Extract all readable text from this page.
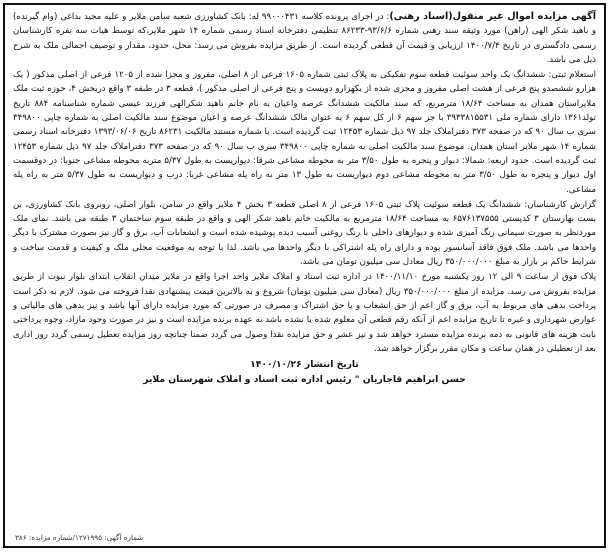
آگهی مزایده اموال غیر منقول(اسناد رهنی): در اجرای پرونده کلاسه ۹۹۰۰۰۴۳۱ له: بانک کشاورزی شعبه سامن ملایر و علیه مجید بداغی (وام گیرنده) و ناهید شکر الهی (راهن) مورد وثیقه سند رهنی شماره ۹۳/۶/۶-۸۶۲۳۳ تنظیمی دفترخانه اسناد رسمی شماره ۱۴ شهر ملایر،که توسط هیات سه نفره کارشناسان رسمی دادگستری در تاریخ ۱۴۰۰/۷/۴ ارزیابی و قیمت آن قطعی گردیده است. از طریق مزایده بفروش می رسد: محل، حدود، مقدار و توصیف اجمالی ملک به شرح ذیل می باشد.

استعلام ثبتی: ششدانگ یک واحد سوئیت قطعه سوم تفکیکی به پلاک ثبتی شماره ۱۶۰۵ فرعی از ۸ اصلی، مفروز و مجزا شده از ۱۲۰۵ فرعی از اصلی مذکور ( یک هزارو ششصدو پنج فرعی از هشت اصلی مفروز و مجزی شده از یکهزارو دویست و پنج فرعی از اصلی مذکور )، قطعه ۳ در طبقه ۳ واقع دربخش ۴، حوزه ثبت ملک ملایراستان همدان به مساحت ۱۸/۶۴ مترمربع، که سند مالکیت ششدانگ عرصه واعیان به نام خانم ناهید شکرالهی فرزند عیسی شماره شناسنامه ۸۸۴ تاریخ تولد۱۳۶۱ دارای شماره ملی ۳۹۳۳۸۱۵۵۳۱ با جز سهم ۶ از کل سهم ۶ به عنوان مالک ششدانگ عرصه و اعیان موضوع سند مالکیت اصلی به شماره چاپی ۳۴۹۸۰۰ سری ب سال ۹۰ که در صفحه ۳۷۳ دفتراملاک جلد ۹۷ ذیل شماره ۱۲۴۵۳ ثبت گردیده است. با شماره مستند مالکیت ۸۶۲۳۱ تاریخ ۱۳۹۳/۰۶/۰۶ دفترخانه اسناد رسمی شماره ۱۴ شهر ملایر استان همدان. موضوع سند مالکیت اصلی به شماره چاپی ۳۴۹۸۰۰ سری ب سال ۹۰ که در صفحه ۳۷۳ دفتراملاک جلد ۹۷ ذیل شماره ۱۲۴۵۳ ثبت گردیده است. حدود اربعه: شمالا: دیوار و پنجره به طول ۳/۵۰ متر به محوطه مشاعی شرقا: دیواریست به طول ۵/۳۷ متربه محوطه مشاعی جنوبا: در دوقسمت اول دیوار و پنجره به طول ۳/۵۰ متر به محوطه مشاعی دوم دیواریست به طول ۱۳ متر به راه پله مشاعی غربا: درب و دیواریست به طول ۵/۳۷ متر به راه پله مشاعی.

گزارش کارشناسان: ششدانگ یک قطعه سوئیت پلاک ثبتی ۱۶۰۵ فرعی از ۸ اصلی قطعه ۳ بخش ۴ ملایر واقع در سامن، بلوار اصلی، روبروی بانک کشاورزی، بن بست بهارستان ۳ کدپستی ۶۵۷۶۱۳۷۵۵۵ به مساحت ۱۸/۶۴ مترمربع به مالکیت خانم ناهید شکر الهی و واقع در طبقه سوم ساختمان ۳ طبقه می باشد. نمای ملک موردنظر به صورت سیمانی رنگ آمیزی شده و دیوارهای داخلی با رنگ روغنی آسیب دیده پوشیده شده است و انشعابات آب، برق و گاز نیز بصورت مشترک با دیگر واحدها می باشد. ملک فوق فاقد آسانسور بوده و دارای راه پله اشتراکی با دیگر واحدها می باشد. لذا با توجه به موقعیت محلی ملک و کیفیت و قدمت ساخت و شرایط حاکم بر بازار به مبلغ ۳۵۰/۰۰۰/۰۰۰ ریال معادل سی میلیون تومان می باشد.

پلاک فوق از ساعت ۹ الی ۱۲ روز یکشنبه مورخ ۱۴۰۰/۱۱/۱۰ در اداره ثبت اسناد و املاک ملایر واحد اجرا واقع در ملایر میدان انقلاب ابتدای بلوار نبوت از طریق مزایده بفروش می رسد. مزایده از مبلغ ۳۵۰/۰۰۰/۰۰۰ ریال (معادل سی میلیون تومان) شروع و به بالاترین قیمت پیشنهادی نقدا فروخته می شود. لازم به ذکر است پرداخت بدهی های مربوط به آب، برق و گاز اعم از حق انشعاب و یا حق اشتراک و مصرف در صورتی که مورد مزایده دارای آنها باشد و نیز بدهی های مالیاتی و عوارض شهرداری و غیره تا تاریخ مزایده اعم از آنکه رقم قطعی آن معلوم شده یا نشده باشد به عهده برنده مزایده است و نیز در صورت وجود مازاد، وجوه پرداختی بابت هزینه های قانونی به ذمه برنده مزایده مسترد خواهد شد و نیز عشر و حق مزایده نقدا وصول می گردد ضمنا چنانچه روز مزایده تعطیل رسمی گردد روز اداری بعد از تعطیلی در همان ساعت و مکان مقرر برگزار خواهد شد.

تاریخ انتشار ۱۴۰۰/۱۰/۲۶
حسن ابراهیم قاجاریان " رئیس اداره ثبت اسناد و املاک شهرستان ملایر
شماره آگهی: ۱۲۷۱۹۹۵/شماره مزایده: ۳۸۶
